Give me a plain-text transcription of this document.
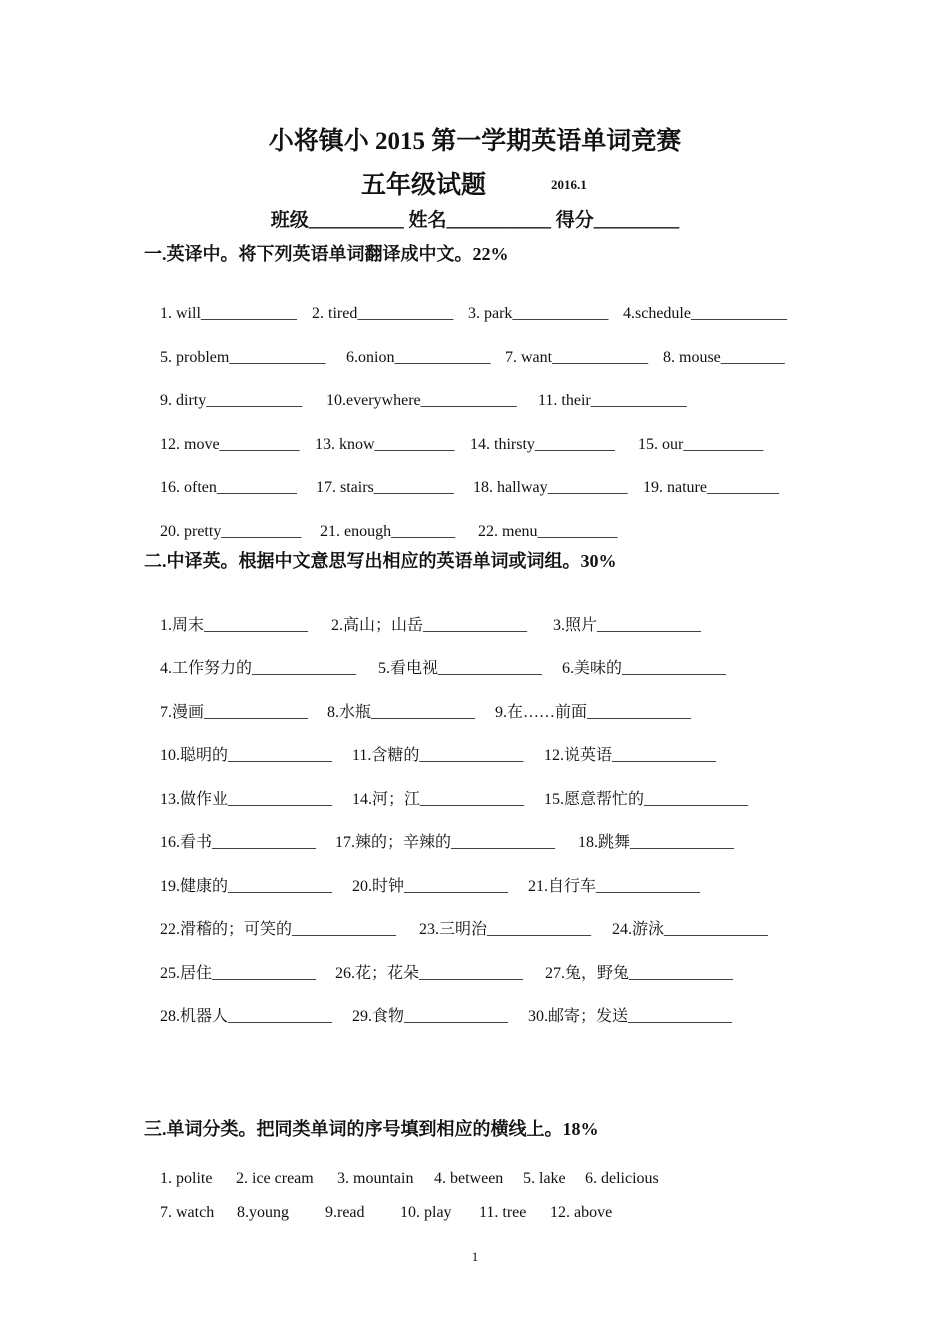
小将镇小 2015 第一学期英语单词竞赛
五年级试题	2016.1
班级__________ 姓名___________ 得分_________
一.英译中。将下列英语单词翻译成中文。22%

1. will____________ 2. tired____________ 3. park____________ 4.schedule____________

5. problem____________ 6.onion____________ 7. want____________ 8. mouse________

9. dirty____________ 10.everywhere____________ 11. their____________

12. move__________ 13. know__________ 14. thirsty__________ 15. our__________

16. often__________ 17. stairs__________ 18. hallway__________ 19. nature_________

20. pretty__________ 21. enough________ 22. menu__________

二.中译英。根据中文意思写出相应的英语单词或词组。30%

1.周末_____________ 2.高山；山岳_____________ 3.照片_____________

4.工作努力的_____________ 5.看电视_____________ 6.美味的_____________

7.漫画_____________ 8.水瓶_____________ 9.在……前面_____________

10.聪明的_____________ 11.含糖的_____________ 12.说英语_____________

13.做作业_____________ 14.河；江_____________ 15.愿意帮忙的_____________

16.看书_____________ 17.辣的；辛辣的_____________ 18.跳舞_____________

19.健康的_____________ 20.时钟_____________ 21.自行车_____________

22.滑稽的；可笑的_____________ 23.三明治_____________ 24.游泳_____________

25.居住_____________ 26.花；花朵_____________ 27.兔，野兔_____________

28.机器人_____________ 29.食物_____________ 30.邮寄；发送_____________

三.单词分类。把同类单词的序号填到相应的横线上。18%

1. polite 2. ice cream 3. mountain 4. between 5. lake 6. delicious

7. watch 8.young 9.read 10. play 11. tree 12. above

1
